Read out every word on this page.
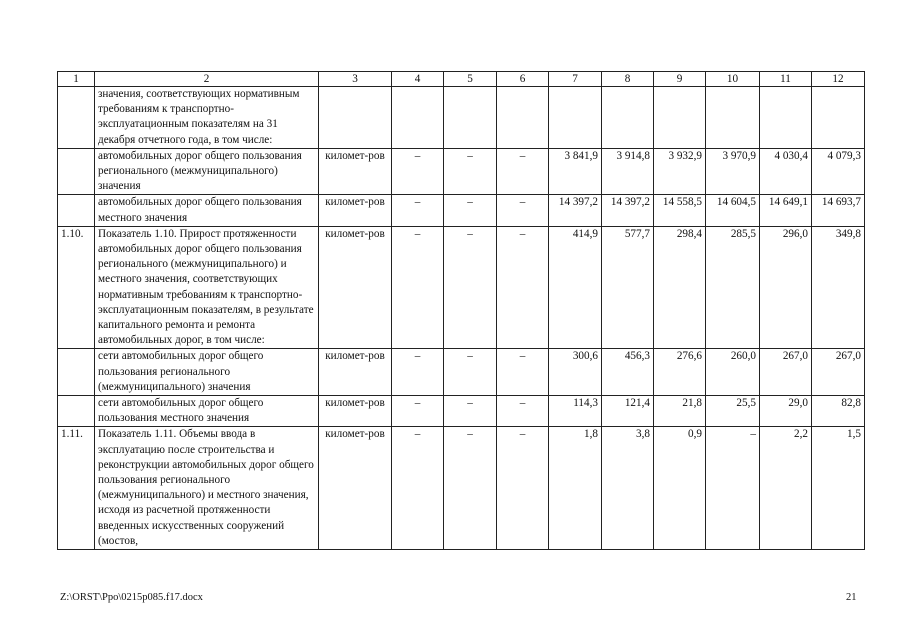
1	2	3	4	5	6	7	8	9	10	11	12
	значения, соответствующих нормативным требованиям к транспортно-эксплуатационным показателям на 31 декабря отчетного года, в том числе:										
	автомобильных дорог общего пользования регионального (межмуниципального) значения	километ-ров	–	–	–	3 841,9	3 914,8	3 932,9	3 970,9	4 030,4	4 079,3
	автомобильных дорог общего пользования местного значения	километ-ров	–	–	–	14 397,2	14 397,2	14 558,5	14 604,5	14 649,1	14 693,7
1.10.	Показатель 1.10. Прирост протяженности автомобильных дорог общего пользования регионального (межмуниципального) и местного значения, соответствующих нормативным требованиям к транспортно-эксплуатационным показателям, в результате капитального ремонта и ремонта автомобильных дорог, в том числе:	километ-ров	–	–	–	414,9	577,7	298,4	285,5	296,0	349,8
	сети автомобильных дорог общего пользования регионального (межмуниципального) значения	километ-ров	–	–	–	300,6	456,3	276,6	260,0	267,0	267,0
	сети автомобильных дорог общего пользования местного значения	километ-ров	–	–	–	114,3	121,4	21,8	25,5	29,0	82,8
1.11.	Показатель 1.11. Объемы ввода в эксплуатацию после строительства и реконструкции автомобильных дорог общего пользования регионального (межмуниципального) и местного значения, исходя из расчетной протяженности введенных искусственных сооружений (мостов,	километ-ров	–	–	–	1,8	3,8	0,9	–	2,2	1,5
Z:\ORST\Ppo\0215p085.f17.docx	21
